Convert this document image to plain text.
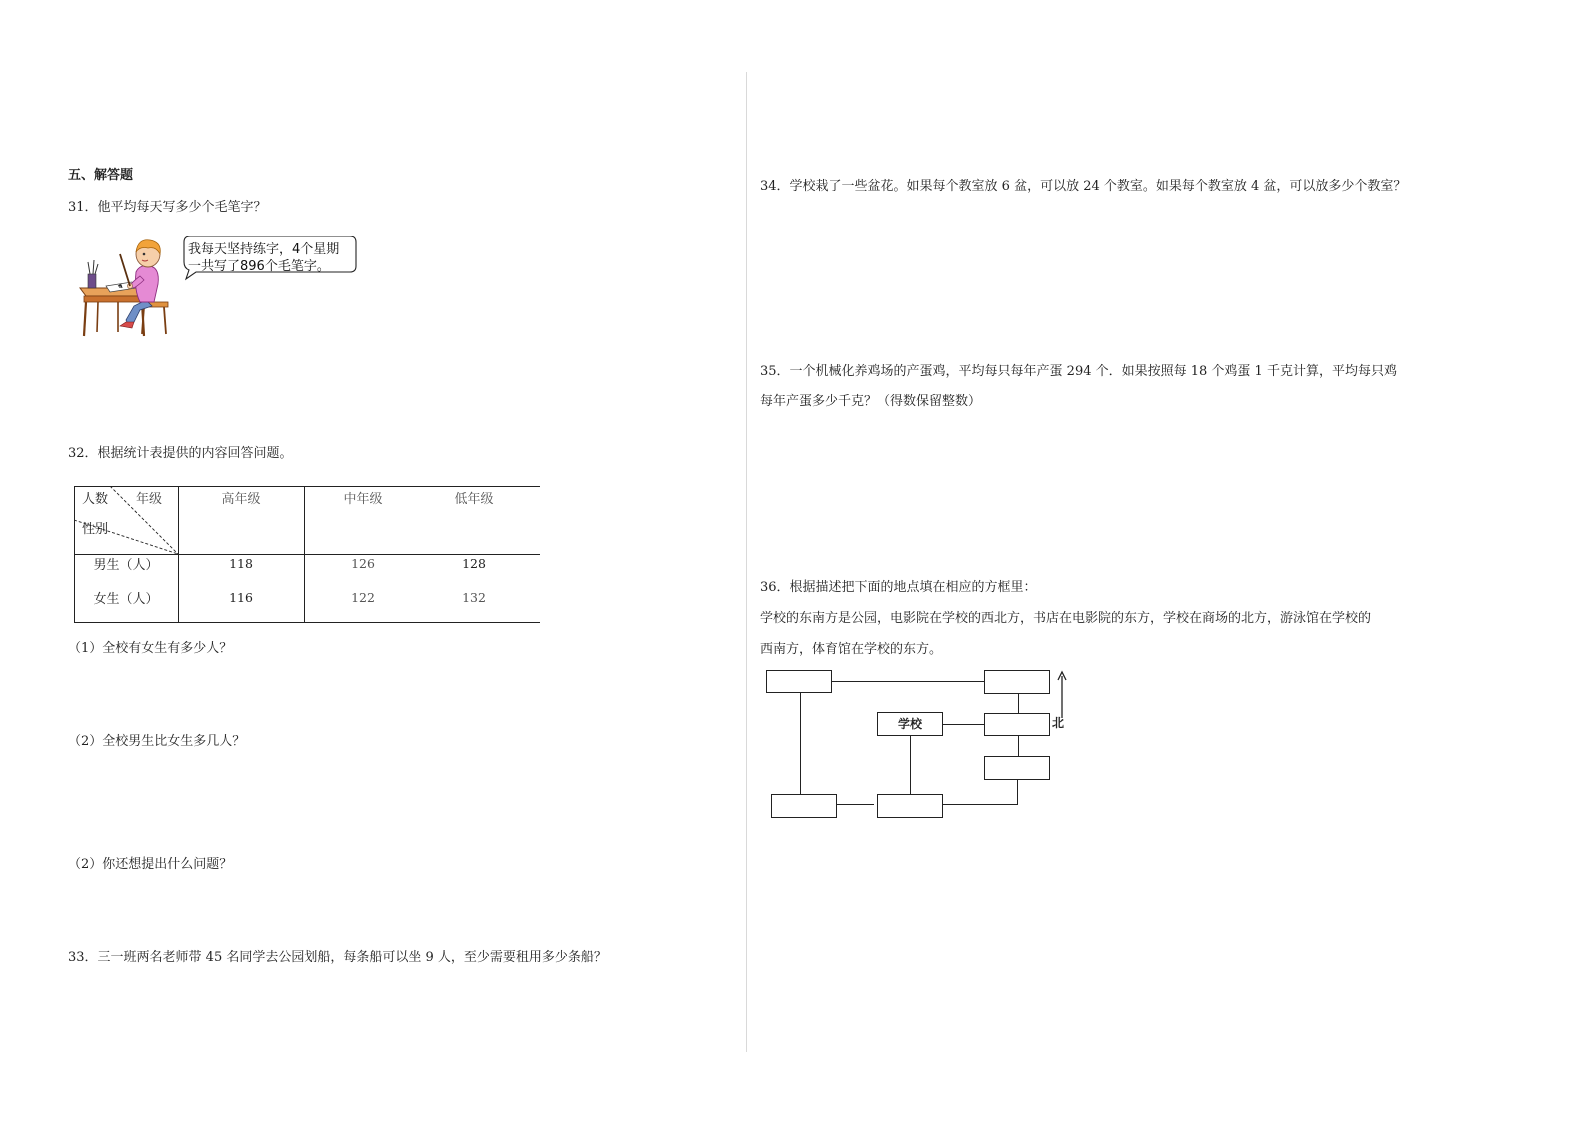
五、解答题
31．他平均每天写多少个毛笔字？
我每天坚持练字，4个星期
一共写了896个毛笔字。
32．根据统计表提供的内容回答问题。
人数 年级
性别
高年级	中年级	低年级
男生（人）	118	126	128
女生（人）	116	122	132
（1）全校有女生有多少人？
（2）全校男生比女生多几人？
（2）你还想提出什么问题？
33．三一班两名老师带 45 名同学去公园划船，每条船可以坐 9 人，至少需要租用多少条船？
34．学校栽了一些盆花。如果每个教室放 6 盆，可以放 24 个教室。如果每个教室放 4 盆，可以放多少个教室？
35．一个机械化养鸡场的产蛋鸡，平均每只每年产蛋 294 个．如果按照每 18 个鸡蛋 1 千克计算，平均每只鸡
每年产蛋多少千克？（得数保留整数）
36．根据描述把下面的地点填在相应的方框里：
学校的东南方是公园，电影院在学校的西北方，书店在电影院的东方，学校在商场的北方，游泳馆在学校的
西南方，体育馆在学校的东方。
学校	北
